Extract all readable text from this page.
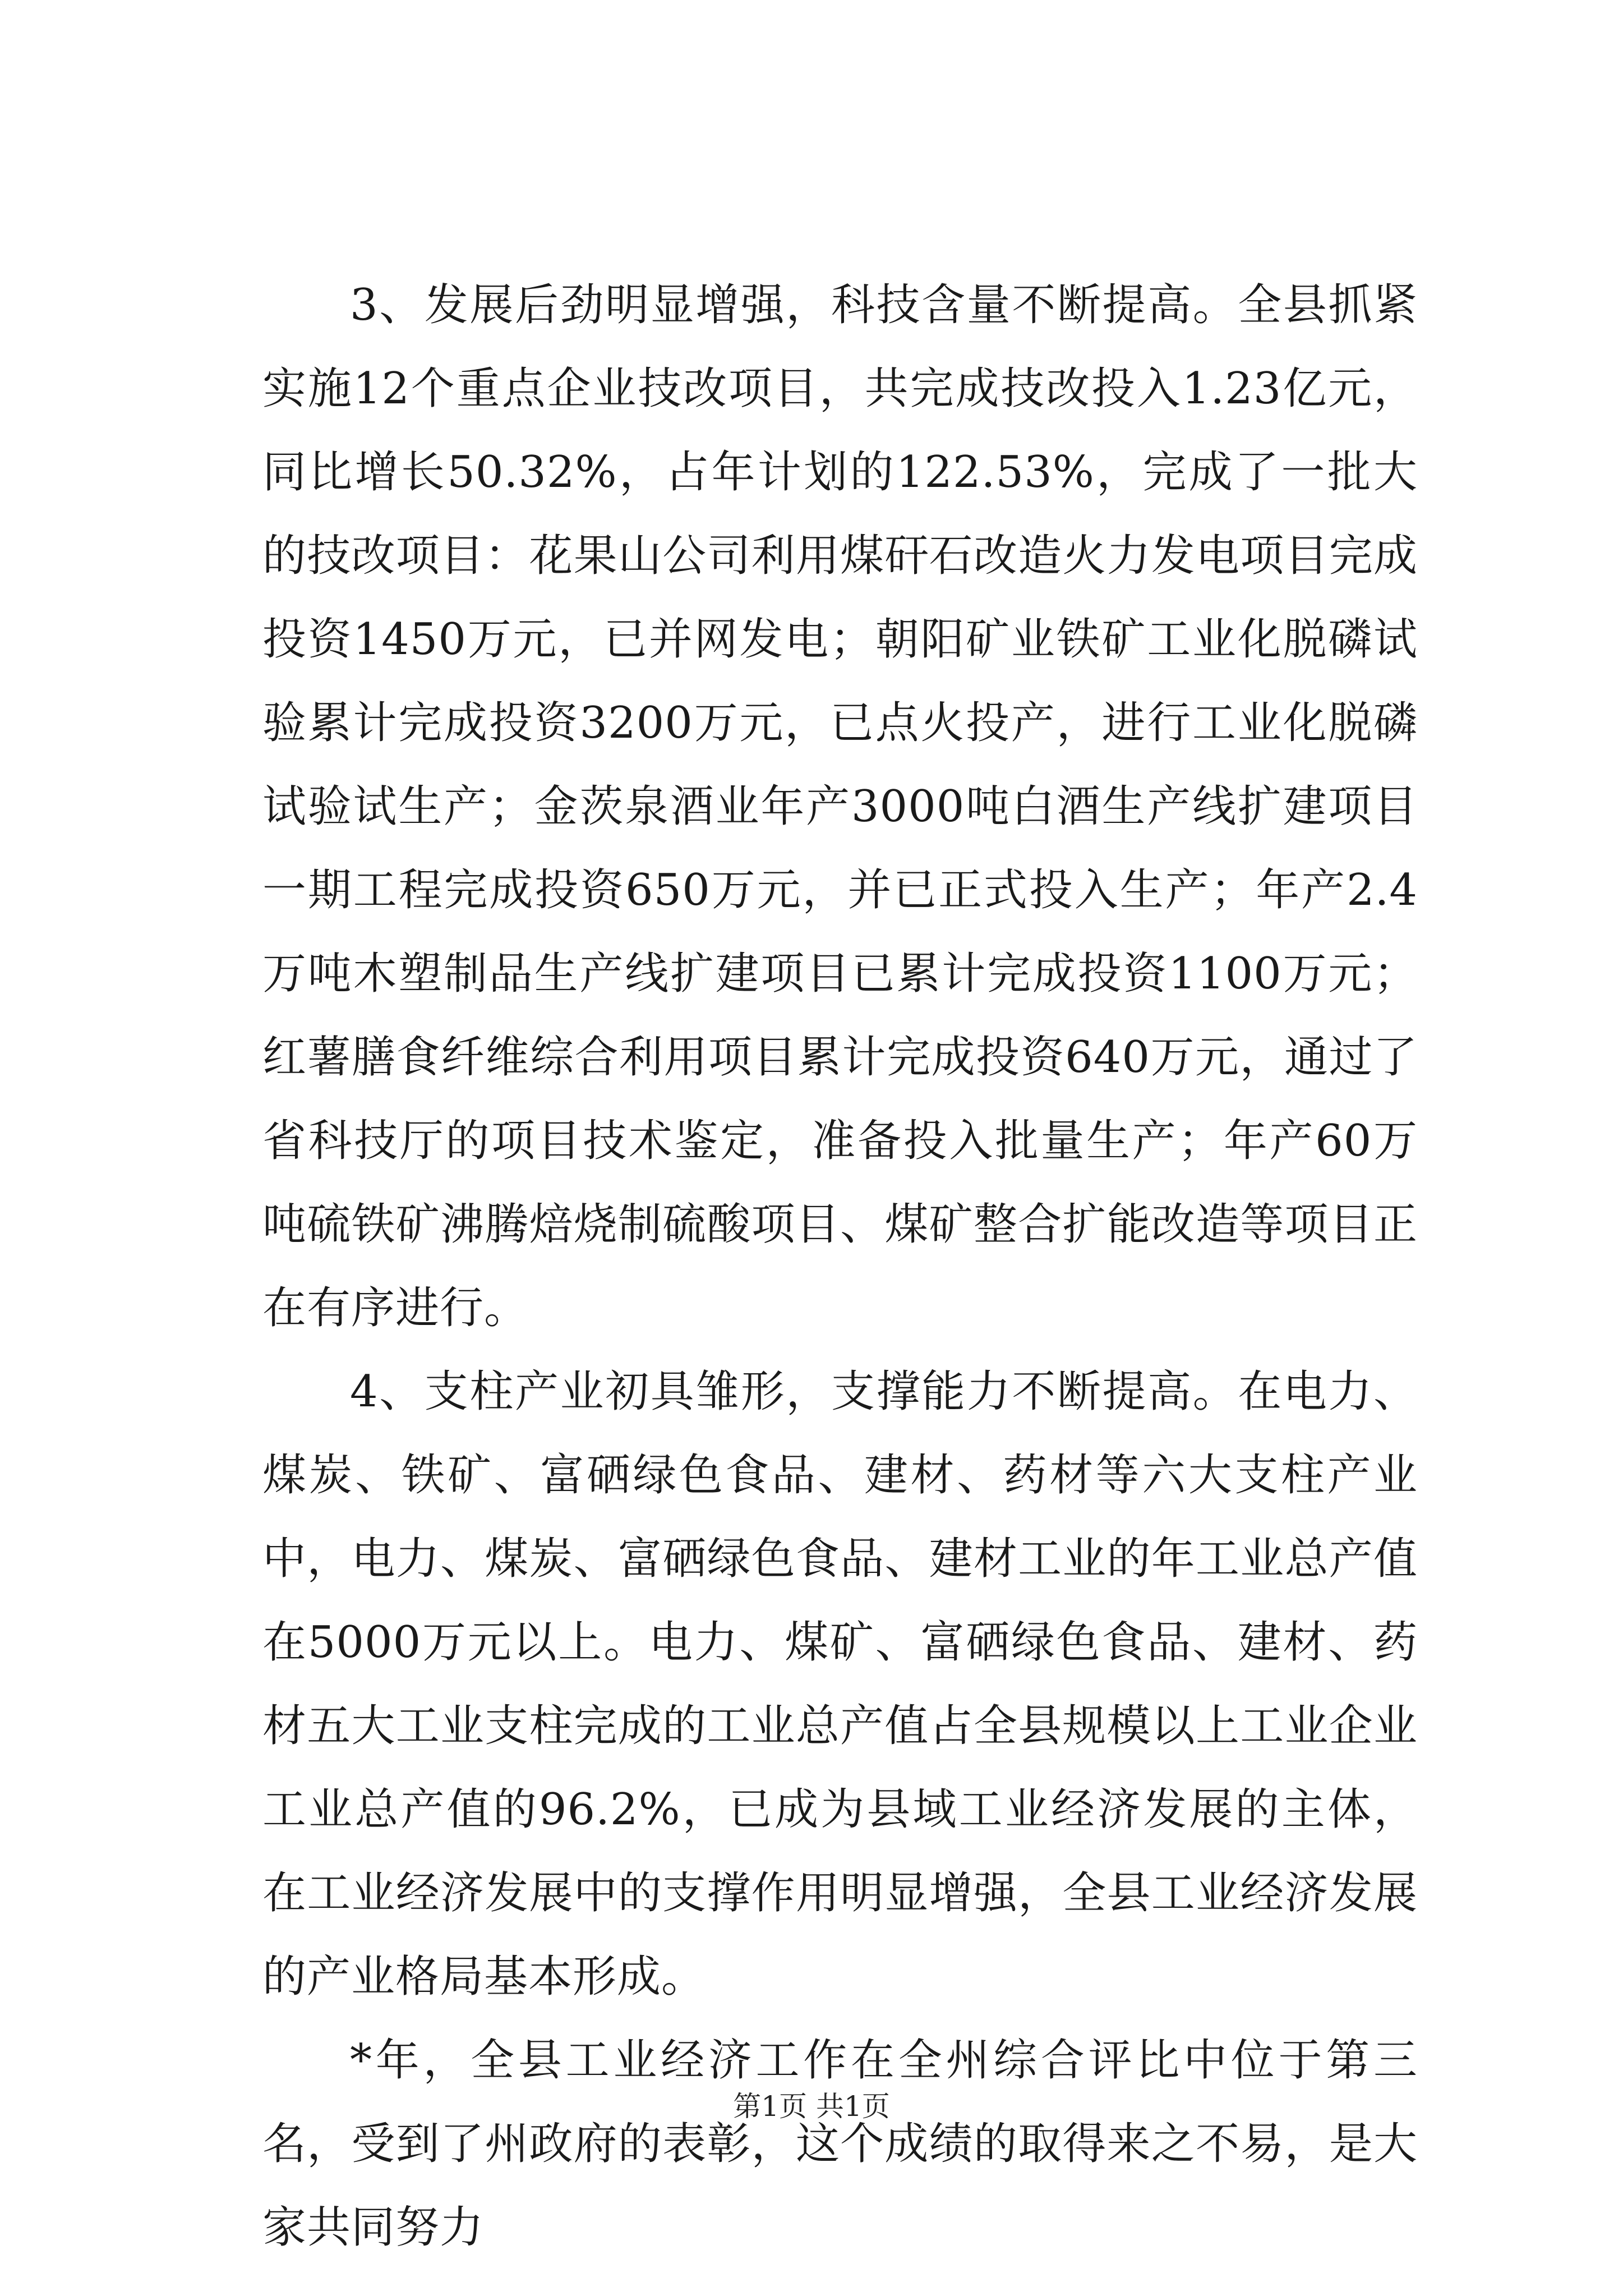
3、发展后劲明显增强，科技含量不断提高。全县抓紧实施12个重点企业技改项目，共完成技改投入1.23亿元，同比增长50.32%，占年计划的122.53%，完成了一批大的技改项目：花果山公司利用煤矸石改造火力发电项目完成投资1450万元，已并网发电；朝阳矿业铁矿工业化脱磷试验累计完成投资3200万元，已点火投产，进行工业化脱磷试验试生产；金茨泉酒业年产3000吨白酒生产线扩建项目一期工程完成投资650万元，并已正式投入生产；年产2.4万吨木塑制品生产线扩建项目已累计完成投资1100万元；红薯膳食纤维综合利用项目累计完成投资640万元，通过了省科技厅的项目技术鉴定，准备投入批量生产；年产60万吨硫铁矿沸腾焙烧制硫酸项目、煤矿整合扩能改造等项目正在有序进行。

4、支柱产业初具雏形，支撑能力不断提高。在电力、煤炭、铁矿、富硒绿色食品、建材、药材等六大支柱产业中，电力、煤炭、富硒绿色食品、建材工业的年工业总产值在5000万元以上。电力、煤矿、富硒绿色食品、建材、药材五大工业支柱完成的工业总产值占全县规模以上工业企业工业总产值的96.2%，已成为县域工业经济发展的主体，在工业经济发展中的支撑作用明显增强，全县工业经济发展的产业格局基本形成。

*年，全县工业经济工作在全州综合评比中位于第三名，受到了州政府的表彰，这个成绩的取得来之不易，是大家共同努力

第1页 共1页
